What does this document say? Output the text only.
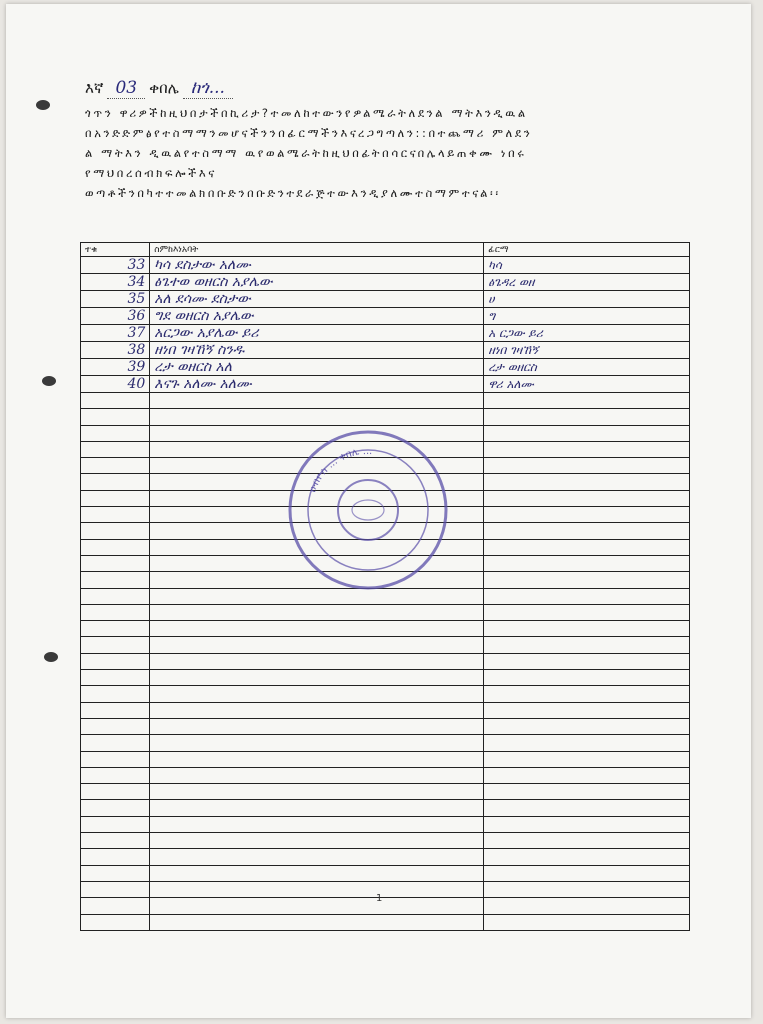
እኛ 03 ቀበሌ ከጎ...
ጎጥን ዋሪዎችከዚህበታችበኪሪታ?ተመለከተውንየዎልሜራትለደንል ማትእንዲዉል
በአንድድምፅየተስማማንመሆናችንንበፊርማችንእናረጋግጣለን::በተጨማሪ ምለደን
ል ማትእን ዲዉልየተስማማ ዉየወልሜራትከዚህበፊትበሳርናበሌላይጠቀሙ ነበሩ
የማህበረሰብክፍሎችእና
ወጣቶችንበካተተመልክበቡድንበቡድንተደራጅተውእንዲያለሙተስማምተናል፡፡
ተቁ	ስምከእነአባት	ፊርማ
33	ካሳ ደስታው አለሙ	ካሳ
34	ፅጌተወ ወዘርስ አያሌው	ፅጌዳረ ወዘ
35	አለ ደሳሙ ደስታው	ሀ
36	ግደ ወዘርስ አያሌው	ግ
37	አርጋው አያሌው ይሪ	አ ርጋው ይሪ
38	ዘነበ ገዛኸኝ ስንዱ	ዘነበ ገዛኸኝ
39	ረታ ወዘርስ አለ	ረታ ወዘርስ
40	እናጉ አለሙ አለሙ	ዋሪ አለሙ

ዐብዮስ ... ቀበሌ ...
1
